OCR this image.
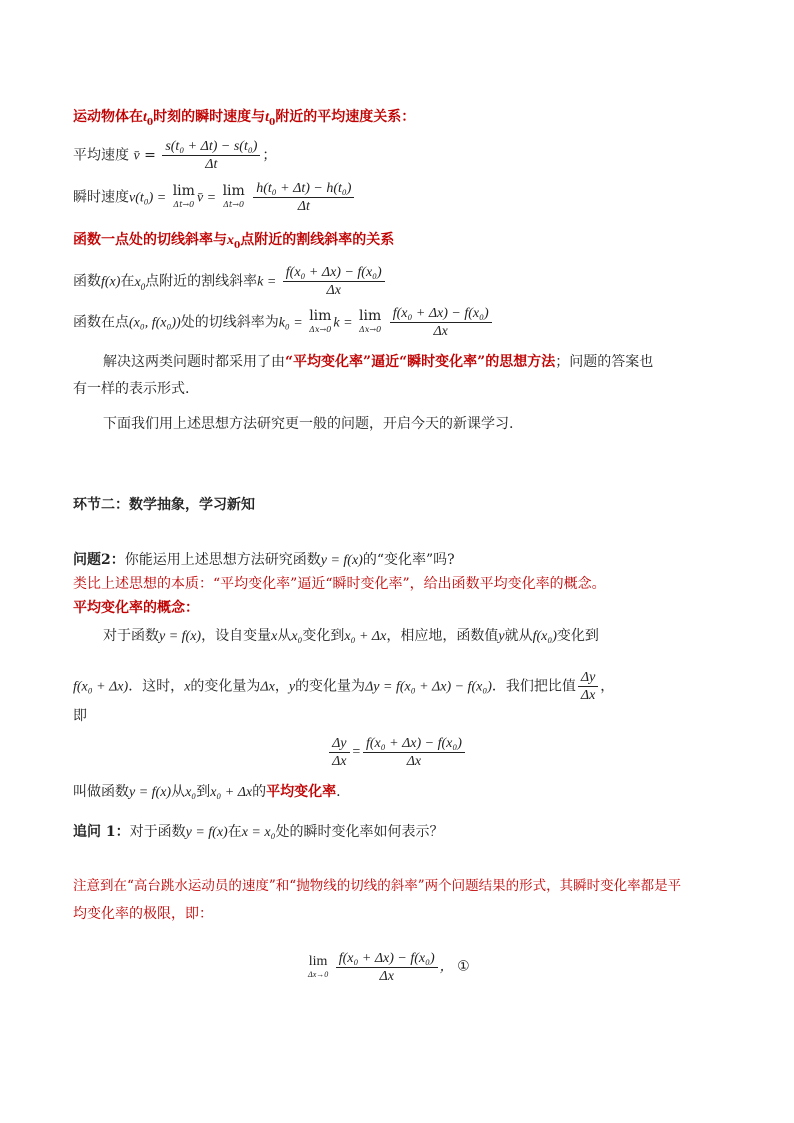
运动物体在$t_0$时刻的瞬时速度与$t_0$附近的平均速度关系：
平均速度 v̄ = $\frac{\text{s(t₀ + Δt) − s(t₀)}}{\Delta t}$ ；
瞬时速度v(t₀) = lim
Δt→0 v̄ = lim
Δt→0
$\frac{\text{h(t₀ + Δt) − h(t₀)}}{\Delta t}$
函数一点处的切线斜率与$x_0$点附近的割线斜率的关系
函数f(x)在$x_0$点附近的割线斜率$k = \frac{\text{f(x₀ + Δx) − f(x₀)}}{\Delta x}$
函数在点(x₀, f(x₀))处的切线斜率为k₀ = lim
Δx→0 k = lim
Δx→0
$\frac{\text{f(x₀ + Δx) − f(x₀)}}{\Delta x}$
解决这两类问题时都采用了由“平均变化率”逼近“瞬时变化率”的思想方法；问题的答案也
有一样的表示形式.
下面我们用上述思想方法研究更一般的问题，开启今天的新课学习.
环节二：数学抽象，学习新知
问题2：你能运用上述思想方法研究函数y = f(x)的“变化率”吗?
类比上述思想的本质：“平均变化率”逼近“瞬时变化率”，给出函数平均变化率的概念。
平均变化率的概念：
对于函数y = f(x)，设自变量x从x₀变化到x₀ + Δx，相应地，函数值y就从f(x₀)变化到
f(x₀ + Δx)．这时，x的变化量为Δx，y的变化量为Δy = f(x₀ + Δx) − f(x₀)．我们把比值 $\frac{\Delta y}{\Delta x}$ ，
即
$\frac{\Delta y}{\Delta x} = \frac{\text{f(x₀ + Δx) − f(x₀)}}{\Delta x}$
叫做函数y = f(x)从x₀到x₀ + Δx的平均变化率.
追问 1：对于函数y = f(x)在x = x₀处的瞬时变化率如何表示？
注意到在“高台跳水运动员的速度”和“抛物线的切线的斜率”两个问题结果的形式，其瞬时变化率都是平
均变化率的极限，即：
lim
Δx→0
$\frac{\text{f(x₀ + Δx) − f(x₀)}}{\Delta x}$ ， ①
